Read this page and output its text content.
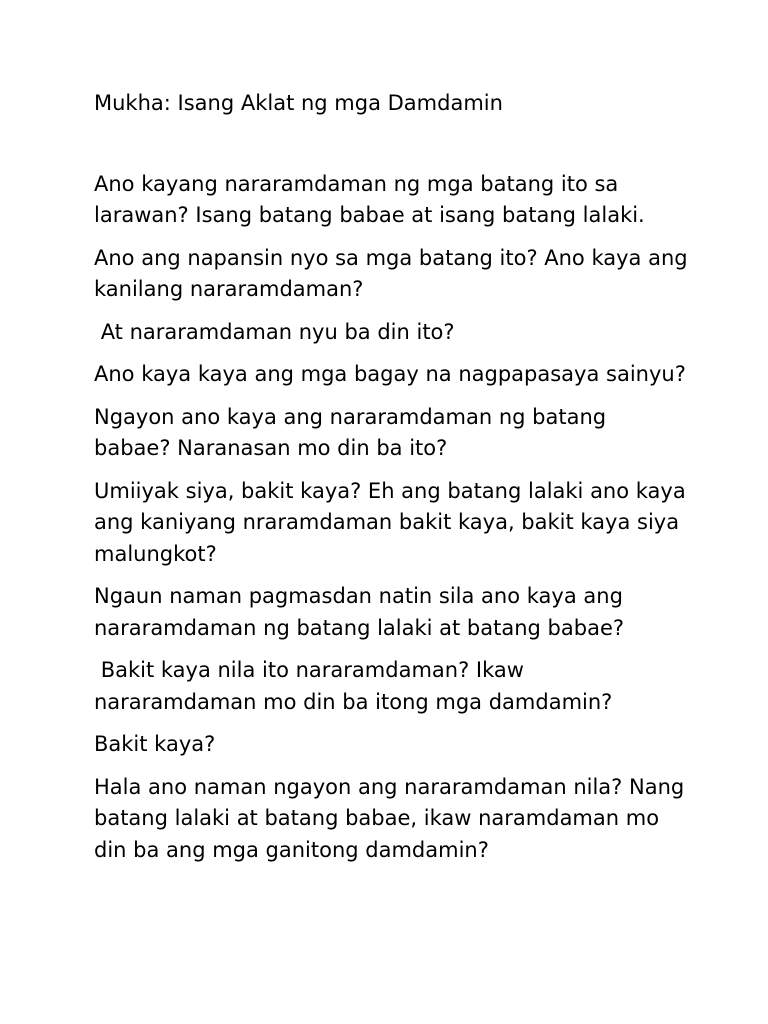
Mukha: Isang Aklat ng mga Damdamin

Ano kayang nararamdaman ng mga batang ito sa
larawan? Isang batang babae at isang batang lalaki.

Ano ang napansin nyo sa mga batang ito? Ano kaya ang
kanilang nararamdaman?

At nararamdaman nyu ba din ito?

Ano kaya kaya ang mga bagay na nagpapasaya sainyu?

Ngayon ano kaya ang nararamdaman ng batang
babae? Naranasan mo din ba ito?

Umiiyak siya, bakit kaya? Eh ang batang lalaki ano kaya
ang kaniyang nraramdaman bakit kaya, bakit kaya siya
malungkot?

Ngaun naman pagmasdan natin sila ano kaya ang
nararamdaman ng batang lalaki at batang babae?

Bakit kaya nila ito nararamdaman? Ikaw
nararamdaman mo din ba itong mga damdamin?

Bakit kaya?

Hala ano naman ngayon ang nararamdaman nila? Nang
batang lalaki at batang babae, ikaw naramdaman mo
din ba ang mga ganitong damdamin?
